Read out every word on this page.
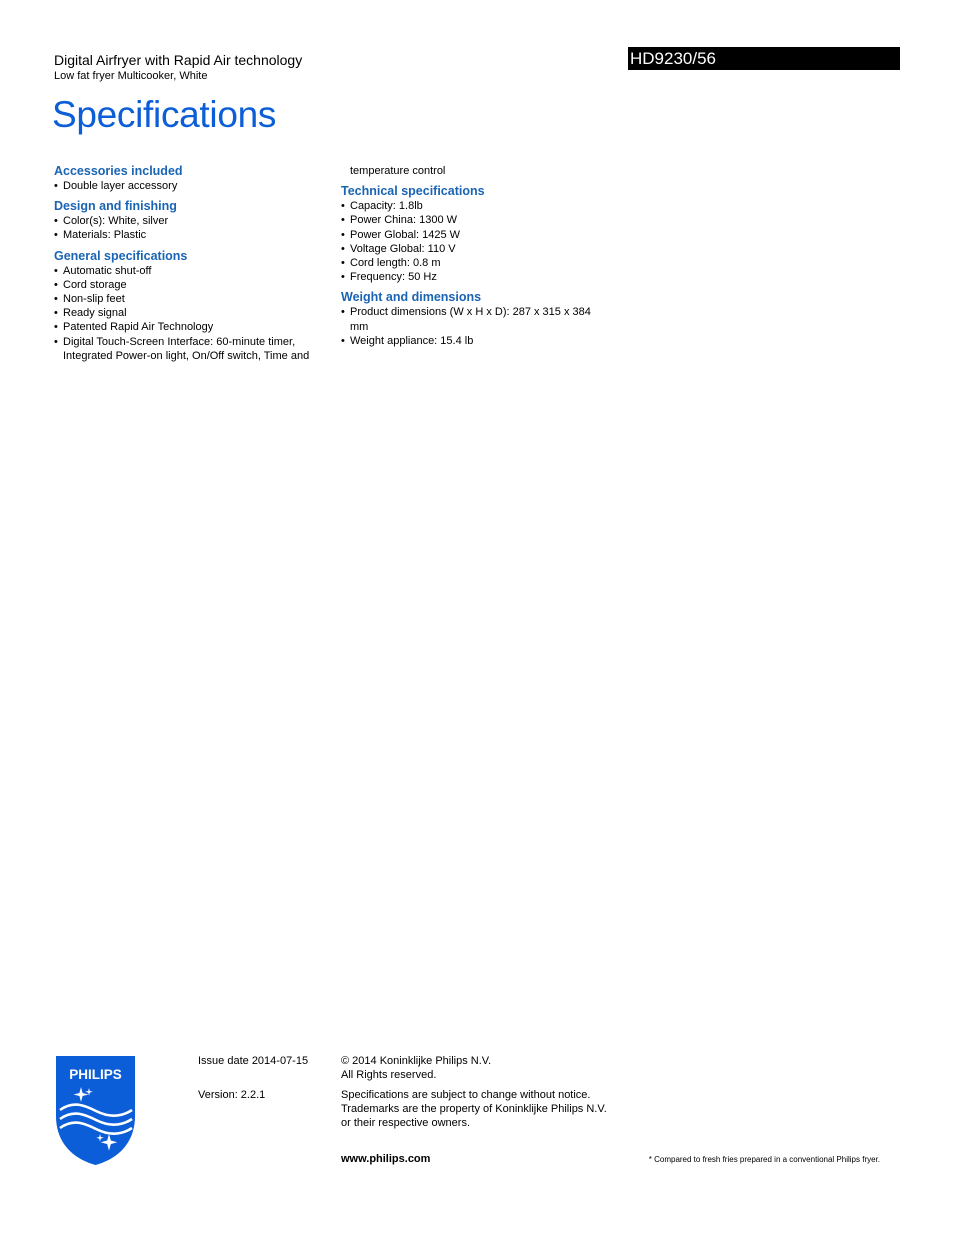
Digital Airfryer with Rapid Air technology
Low fat fryer Multicooker, White
HD9230/56
Specifications
Accessories included
• Double layer accessory
Design and finishing
• Color(s): White, silver
• Materials: Plastic
General specifications
• Automatic shut-off
• Cord storage
• Non-slip feet
• Ready signal
• Patented Rapid Air Technology
• Digital Touch-Screen Interface: 60-minute timer, Integrated Power-on light, On/Off switch, Time and
temperature control
Technical specifications
• Capacity: 1.8lb
• Power China: 1300 W
• Power Global: 1425 W
• Voltage Global: 110 V
• Cord length: 0.8 m
• Frequency: 50 Hz
Weight and dimensions
• Product dimensions (W x H x D): 287 x 315 x 384 mm
• Weight appliance: 15.4 lb
PHILIPS
Issue date 2014-07-15
Version: 2.2.1
© 2014 Koninklijke Philips N.V.
All Rights reserved.
Specifications are subject to change without notice.
Trademarks are the property of Koninklijke Philips N.V.
or their respective owners.
www.philips.com	* Compared to fresh fries prepared in a conventional Philips fryer.
